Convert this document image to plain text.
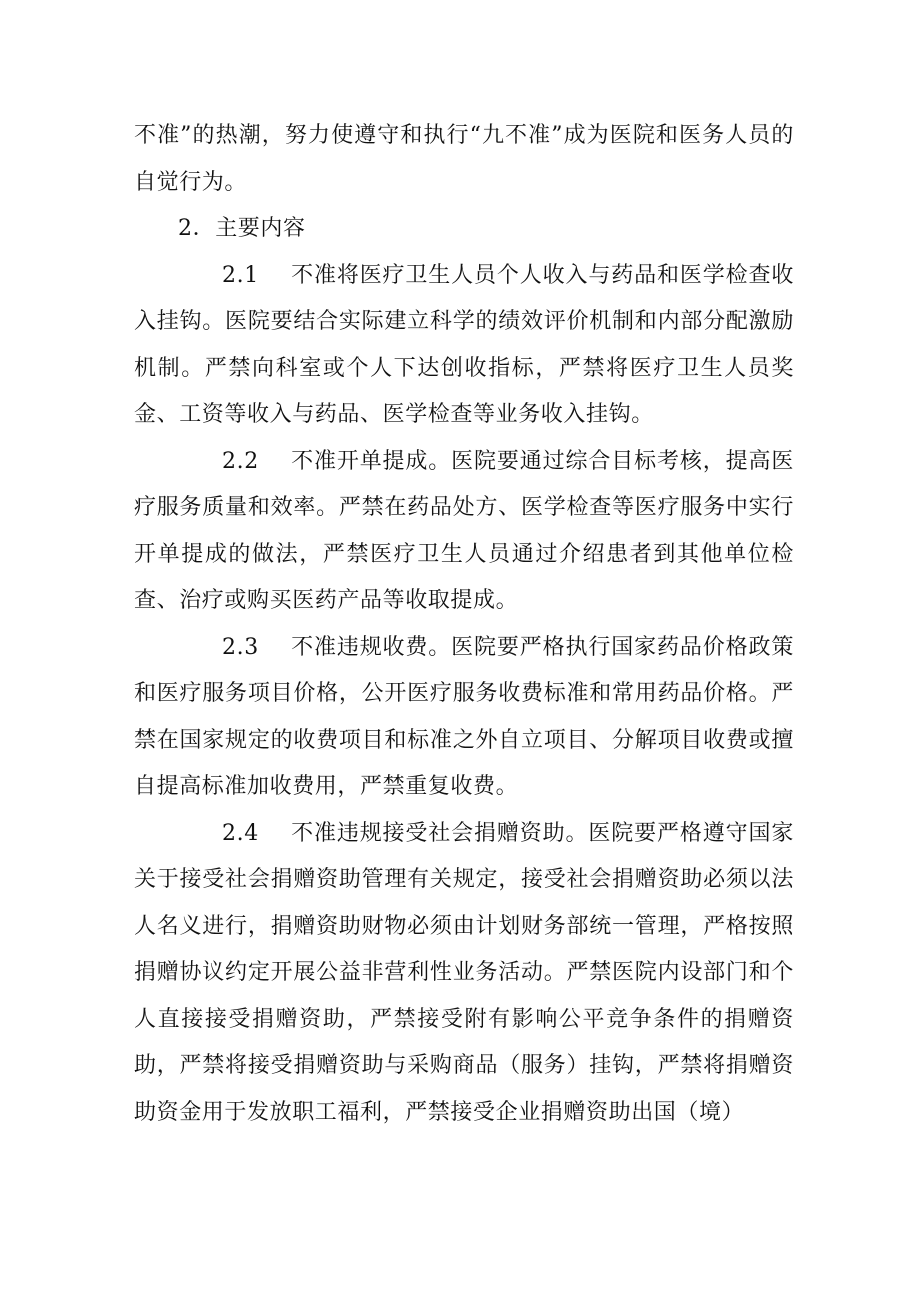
不准”的热潮，努力使遵守和执行“九不准”成为医院和医务人员的自觉行为。

2．主要内容

2.1 不准将医疗卫生人员个人收入与药品和医学检查收入挂钩。医院要结合实际建立科学的绩效评价机制和内部分配激励机制。严禁向科室或个人下达创收指标，严禁将医疗卫生人员奖金、工资等收入与药品、医学检查等业务收入挂钩。

2.2 不准开单提成。医院要通过综合目标考核，提高医疗服务质量和效率。严禁在药品处方、医学检查等医疗服务中实行开单提成的做法，严禁医疗卫生人员通过介绍患者到其他单位检查、治疗或购买医药产品等收取提成。

2.3 不准违规收费。医院要严格执行国家药品价格政策和医疗服务项目价格，公开医疗服务收费标准和常用药品价格。严禁在国家规定的收费项目和标准之外自立项目、分解项目收费或擅自提高标准加收费用，严禁重复收费。

2.4 不准违规接受社会捐赠资助。医院要严格遵守国家关于接受社会捐赠资助管理有关规定，接受社会捐赠资助必须以法人名义进行，捐赠资助财物必须由计划财务部统一管理，严格按照捐赠协议约定开展公益非营利性业务活动。严禁医院内设部门和个人直接接受捐赠资助，严禁接受附有影响公平竞争条件的捐赠资助，严禁将接受捐赠资助与采购商品（服务）挂钩，严禁将捐赠资助资金用于发放职工福利，严禁接受企业捐赠资助出国（境）
